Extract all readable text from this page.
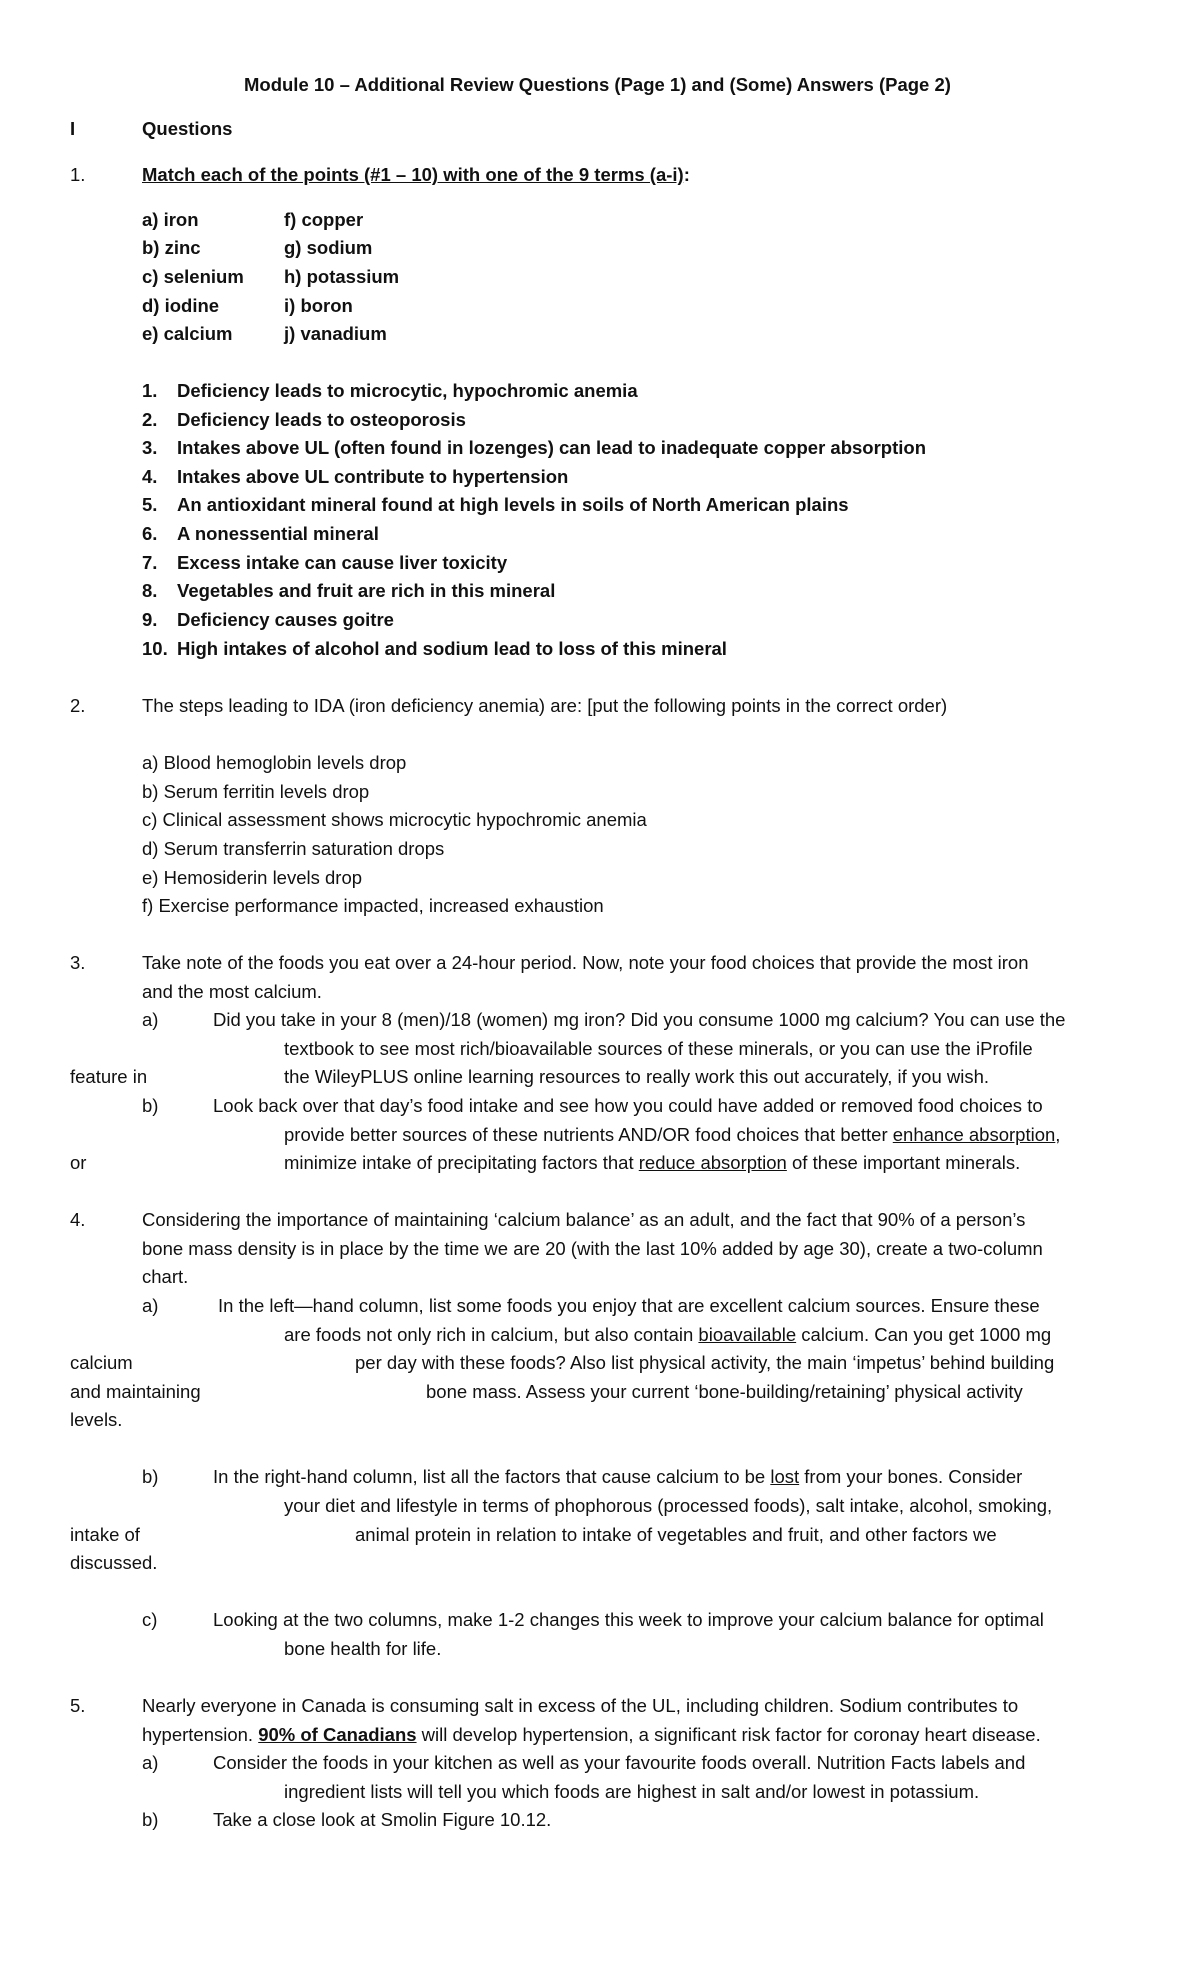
Module 10 – Additional Review Questions (Page 1) and (Some) Answers (Page 2)
I	Questions
1.	Match each of the points (#1 – 10) with one of the 9 terms (a-i):
a) iron
b) zinc
c) selenium
d) iodine
e) calcium
f) copper
g) sodium
h) potassium
i) boron
j) vanadium
1. Deficiency leads to microcytic, hypochromic anemia
2. Deficiency leads to osteoporosis
3. Intakes above UL (often found in lozenges) can lead to inadequate copper absorption
4. Intakes above UL contribute to hypertension
5. An antioxidant mineral found at high levels in soils of North American plains
6. A nonessential mineral
7. Excess intake can cause liver toxicity
8. Vegetables and fruit are rich in this mineral
9. Deficiency causes goitre
10. High intakes of alcohol and sodium lead to loss of this mineral
2.	The steps leading to IDA (iron deficiency anemia) are: [put the following points in the correct order)
a) Blood hemoglobin levels drop
b) Serum ferritin levels drop
c) Clinical assessment shows microcytic hypochromic anemia
d) Serum transferrin saturation drops
e) Hemosiderin levels drop
f) Exercise performance impacted, increased exhaustion
3.	Take note of the foods you eat over a 24-hour period. Now, note your food choices that provide the most iron
and the most calcium.
a)	Did you take in your 8 (men)/18 (women) mg iron? Did you consume 1000 mg calcium? You can use the
textbook to see most rich/bioavailable sources of these minerals, or you can use the iProfile
feature in	the WileyPLUS online learning resources to really work this out accurately, if you wish.
b)	Look back over that day’s food intake and see how you could have added or removed food choices to
provide better sources of these nutrients AND/OR food choices that better enhance absorption,
or	minimize intake of precipitating factors that reduce absorption of these important minerals.
4.	Considering the importance of maintaining ‘calcium balance’ as an adult, and the fact that 90% of a person’s
bone mass density is in place by the time we are 20 (with the last 10% added by age 30), create a two-column
chart.
a)	In the left—hand column, list some foods you enjoy that are excellent calcium sources. Ensure these
are foods not only rich in calcium, but also contain bioavailable calcium. Can you get 1000 mg
calcium	per day with these foods? Also list physical activity, the main ‘impetus’ behind building
and maintaining	bone mass. Assess your current ‘bone-building/retaining’ physical activity
levels.
b)	In the right-hand column, list all the factors that cause calcium to be lost from your bones. Consider
your diet and lifestyle in terms of phophorous (processed foods), salt intake, alcohol, smoking,
intake of	animal protein in relation to intake of vegetables and fruit, and other factors we
discussed.
c)	Looking at the two columns, make 1-2 changes this week to improve your calcium balance for optimal
bone health for life.
5.	Nearly everyone in Canada is consuming salt in excess of the UL, including children. Sodium contributes to
hypertension. 90% of Canadians will develop hypertension, a significant risk factor for coronay heart disease.
a)	Consider the foods in your kitchen as well as your favourite foods overall. Nutrition Facts labels and
ingredient lists will tell you which foods are highest in salt and/or lowest in potassium.
b)	Take a close look at Smolin Figure 10.12.
